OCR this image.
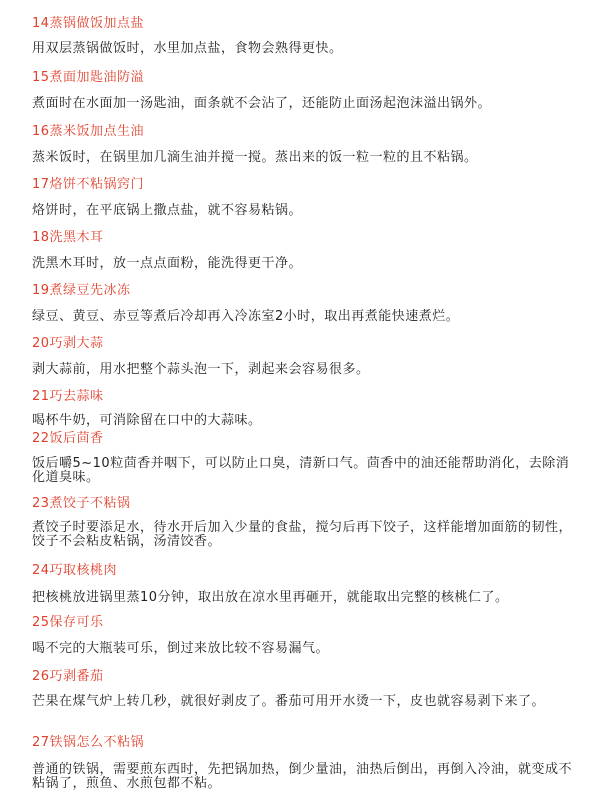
14蒸锅做饭加点盐
用双层蒸锅做饭时，水里加点盐，食物会熟得更快。
15煮面加匙油防溢
煮面时在水面加一汤匙油，面条就不会沾了，还能防止面汤起泡沫溢出锅外。
16蒸米饭加点生油
蒸米饭时，在锅里加几滴生油并搅一搅。蒸出来的饭一粒一粒的且不粘锅。
17烙饼不粘锅窍门
烙饼时，在平底锅上撒点盐，就不容易粘锅。
18洗黑木耳
洗黑木耳时，放一点点面粉，能洗得更干净。
19煮绿豆先冰冻
绿豆、黄豆、赤豆等煮后冷却再入冷冻室2小时，取出再煮能快速煮烂。
20巧剥大蒜
剥大蒜前，用水把整个蒜头泡一下，剥起来会容易很多。
21巧去蒜味
喝杯牛奶，可消除留在口中的大蒜味。
22饭后茴香
饭后嚼5~10粒茴香并咽下，可以防止口臭，清新口气。茴香中的油还能帮助消化，去除消化道臭味。
23煮饺子不粘锅
煮饺子时要添足水，待水开后加入少量的食盐，搅匀后再下饺子，这样能增加面筋的韧性，饺子不会粘皮粘锅，汤清饺香。
24巧取核桃肉
把核桃放进锅里蒸10分钟，取出放在凉水里再砸开，就能取出完整的核桃仁了。
25保存可乐
喝不完的大瓶装可乐，倒过来放比较不容易漏气。
26巧剥番茄
芒果在煤气炉上转几秒，就很好剥皮了。番茄可用开水烫一下，皮也就容易剥下来了。
27铁锅怎么不粘锅
普通的铁锅，需要煎东西时，先把锅加热，倒少量油，油热后倒出，再倒入冷油，就变成不粘锅了，煎鱼、水煎包都不粘。
